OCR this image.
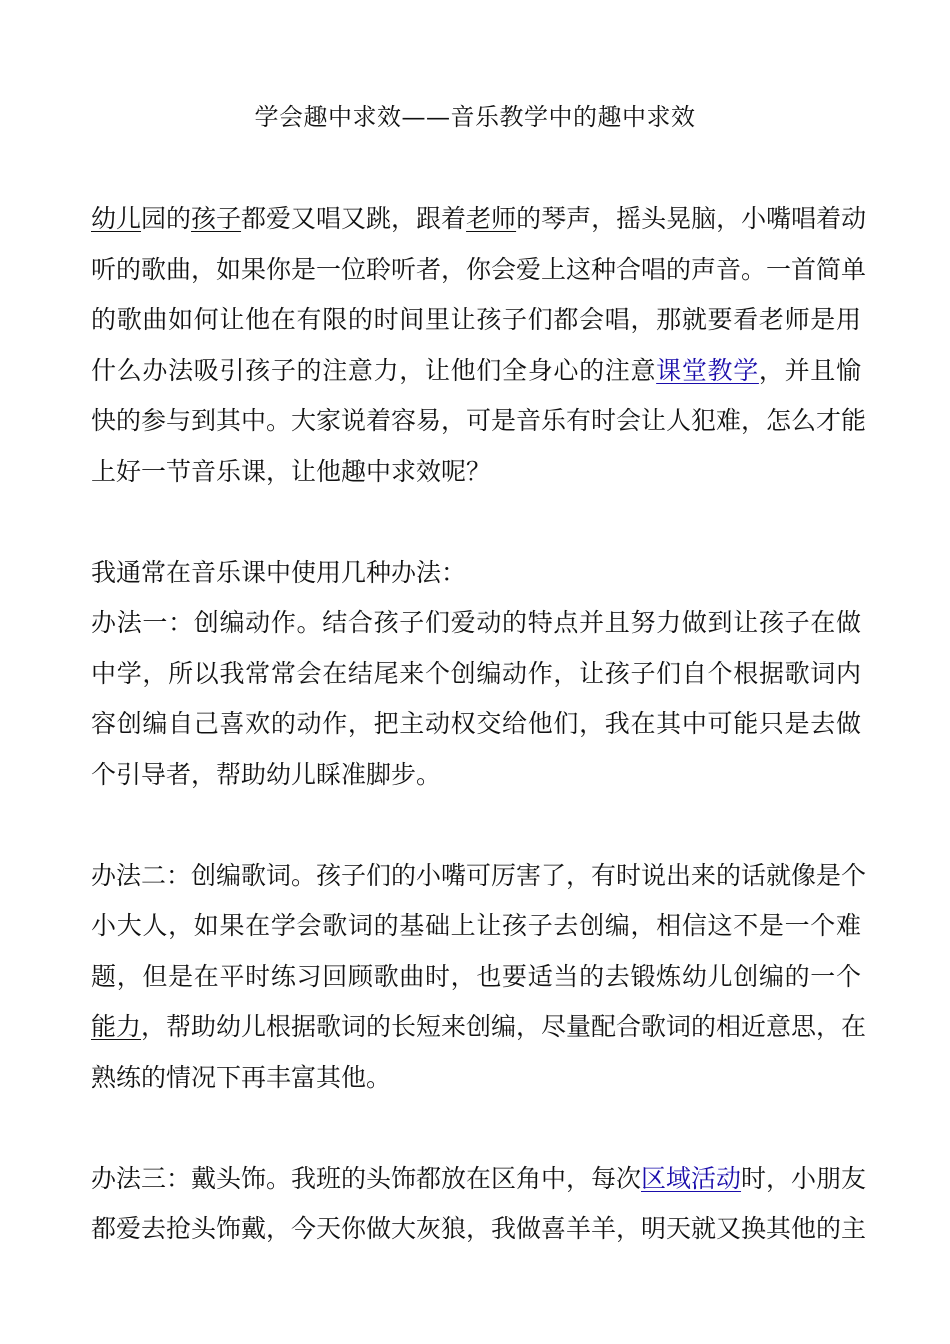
学会趣中求效——音乐教学中的趣中求效
幼儿园的孩子都爱又唱又跳，跟着老师的琴声，摇头晃脑，小嘴唱着动
听的歌曲，如果你是一位聆听者，你会爱上这种合唱的声音。一首简单
的歌曲如何让他在有限的时间里让孩子们都会唱，那就要看老师是用
什么办法吸引孩子的注意力，让他们全身心的注意课堂教学，并且愉
快的参与到其中。大家说着容易，可是音乐有时会让人犯难，怎么才能
上好一节音乐课，让他趣中求效呢？
我通常在音乐课中使用几种办法：
办法一：创编动作。结合孩子们爱动的特点并且努力做到让孩子在做
中学，所以我常常会在结尾来个创编动作，让孩子们自个根据歌词内
容创编自己喜欢的动作，把主动权交给他们，我在其中可能只是去做
个引导者，帮助幼儿睬准脚步。
办法二：创编歌词。孩子们的小嘴可厉害了，有时说出来的话就像是个
小大人，如果在学会歌词的基础上让孩子去创编，相信这不是一个难
题，但是在平时练习回顾歌曲时，也要适当的去锻炼幼儿创编的一个
能力，帮助幼儿根据歌词的长短来创编，尽量配合歌词的相近意思，在
熟练的情况下再丰富其他。
办法三：戴头饰。我班的头饰都放在区角中，每次区域活动时，小朋友
都爱去抢头饰戴，今天你做大灰狼，我做喜羊羊，明天就又换其他的主
